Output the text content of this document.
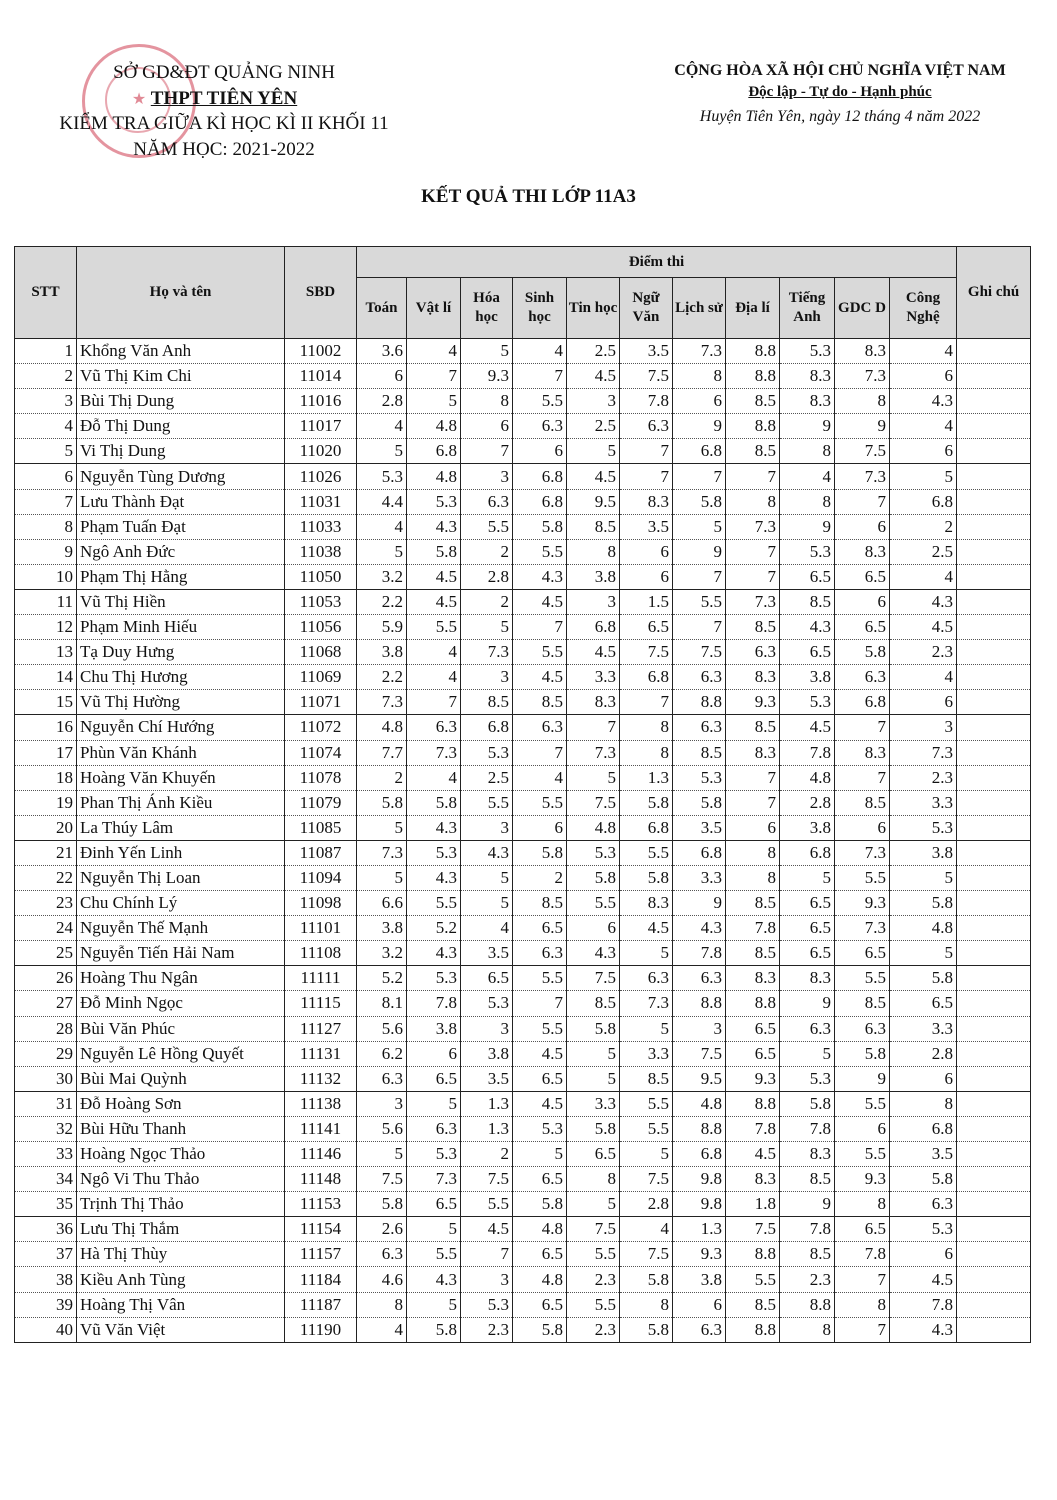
★
SỞ GD&ĐT QUẢNG NINH
THPT TIÊN YÊN
KIỂM TRA GIỮA KÌ HỌC KÌ II KHỐI 11
NĂM HỌC: 2021-2022
CỘNG HÒA XÃ HỘI CHỦ NGHĨA VIỆT NAM
Độc lập - Tự do - Hạnh phúc
Huyện Tiên Yên, ngày 12 tháng 4 năm 2022
KẾT QUẢ THI LỚP 11A3
STT	Họ và tên	SBD	Điểm thi											Ghi chú
			Toán	Vật lí	Hóa học	Sinh học	Tin học	Ngữ Văn	Lịch sử	Địa lí	Tiếng Anh	GDC D	Công Nghệ	
1	Khổng Văn Anh	11002	3.6	4	5	4	2.5	3.5	7.3	8.8	5.3	8.3	4	
2	Vũ Thị Kim Chi	11014	6	7	9.3	7	4.5	7.5	8	8.8	8.3	7.3	6	
3	Bùi Thị Dung	11016	2.8	5	8	5.5	3	7.8	6	8.5	8.3	8	4.3	
4	Đỗ Thị Dung	11017	4	4.8	6	6.3	2.5	6.3	9	8.8	9	9	4	
5	Vi Thị Dung	11020	5	6.8	7	6	5	7	6.8	8.5	8	7.5	6	
6	Nguyễn Tùng Dương	11026	5.3	4.8	3	6.8	4.5	7	7	7	4	7.3	5	
7	Lưu Thành Đạt	11031	4.4	5.3	6.3	6.8	9.5	8.3	5.8	8	8	7	6.8	
8	Phạm Tuấn Đạt	11033	4	4.3	5.5	5.8	8.5	3.5	5	7.3	9	6	2	
9	Ngô Anh Đức	11038	5	5.8	2	5.5	8	6	9	7	5.3	8.3	2.5	
10	Phạm Thị Hằng	11050	3.2	4.5	2.8	4.3	3.8	6	7	7	6.5	6.5	4	
11	Vũ Thị Hiền	11053	2.2	4.5	2	4.5	3	1.5	5.5	7.3	8.5	6	4.3	
12	Phạm Minh Hiếu	11056	5.9	5.5	5	7	6.8	6.5	7	8.5	4.3	6.5	4.5	
13	Tạ Duy Hưng	11068	3.8	4	7.3	5.5	4.5	7.5	7.5	6.3	6.5	5.8	2.3	
14	Chu Thị Hương	11069	2.2	4	3	4.5	3.3	6.8	6.3	8.3	3.8	6.3	4	
15	Vũ Thị Hường	11071	7.3	7	8.5	8.5	8.3	7	8.8	9.3	5.3	6.8	6	
16	Nguyễn Chí Hướng	11072	4.8	6.3	6.8	6.3	7	8	6.3	8.5	4.5	7	3	
17	Phùn Văn Khánh	11074	7.7	7.3	5.3	7	7.3	8	8.5	8.3	7.8	8.3	7.3	
18	Hoàng Văn Khuyến	11078	2	4	2.5	4	5	1.3	5.3	7	4.8	7	2.3	
19	Phan Thị Ánh Kiều	11079	5.8	5.8	5.5	5.5	7.5	5.8	5.8	7	2.8	8.5	3.3	
20	La Thúy Lâm	11085	5	4.3	3	6	4.8	6.8	3.5	6	3.8	6	5.3	
21	Đinh Yến Linh	11087	7.3	5.3	4.3	5.8	5.3	5.5	6.8	8	6.8	7.3	3.8	
22	Nguyễn Thị Loan	11094	5	4.3	5	2	5.8	5.8	3.3	8	5	5.5	5	
23	Chu Chính Lý	11098	6.6	5.5	5	8.5	5.5	8.3	9	8.5	6.5	9.3	5.8	
24	Nguyễn Thế Mạnh	11101	3.8	5.2	4	6.5	6	4.5	4.3	7.8	6.5	7.3	4.8	
25	Nguyễn Tiến Hải Nam	11108	3.2	4.3	3.5	6.3	4.3	5	7.8	8.5	6.5	6.5	5	
26	Hoàng Thu Ngân	11111	5.2	5.3	6.5	5.5	7.5	6.3	6.3	8.3	8.3	5.5	5.8	
27	Đỗ Minh Ngọc	11115	8.1	7.8	5.3	7	8.5	7.3	8.8	8.8	9	8.5	6.5	
28	Bùi Văn Phúc	11127	5.6	3.8	3	5.5	5.8	5	3	6.5	6.3	6.3	3.3	
29	Nguyễn Lê Hồng Quyết	11131	6.2	6	3.8	4.5	5	3.3	7.5	6.5	5	5.8	2.8	
30	Bùi Mai Quỳnh	11132	6.3	6.5	3.5	6.5	5	8.5	9.5	9.3	5.3	9	6	
31	Đỗ Hoàng Sơn	11138	3	5	1.3	4.5	3.3	5.5	4.8	8.8	5.8	5.5	8	
32	Bùi Hữu Thanh	11141	5.6	6.3	1.3	5.3	5.8	5.5	8.8	7.8	7.8	6	6.8	
33	Hoàng Ngọc Thảo	11146	5	5.3	2	5	6.5	5	6.8	4.5	8.3	5.5	3.5	
34	Ngô Vi Thu Thảo	11148	7.5	7.3	7.5	6.5	8	7.5	9.8	8.3	8.5	9.3	5.8	
35	Trịnh Thị Thảo	11153	5.8	6.5	5.5	5.8	5	2.8	9.8	1.8	9	8	6.3	
36	Lưu Thị Thắm	11154	2.6	5	4.5	4.8	7.5	4	1.3	7.5	7.8	6.5	5.3	
37	Hà Thị Thùy	11157	6.3	5.5	7	6.5	5.5	7.5	9.3	8.8	8.5	7.8	6	
38	Kiều Anh Tùng	11184	4.6	4.3	3	4.8	2.3	5.8	3.8	5.5	2.3	7	4.5	
39	Hoàng Thị Vân	11187	8	5	5.3	6.5	5.5	8	6	8.5	8.8	8	7.8	
40	Vũ Văn Việt	11190	4	5.8	2.3	5.8	2.3	5.8	6.3	8.8	8	7	4.3	
